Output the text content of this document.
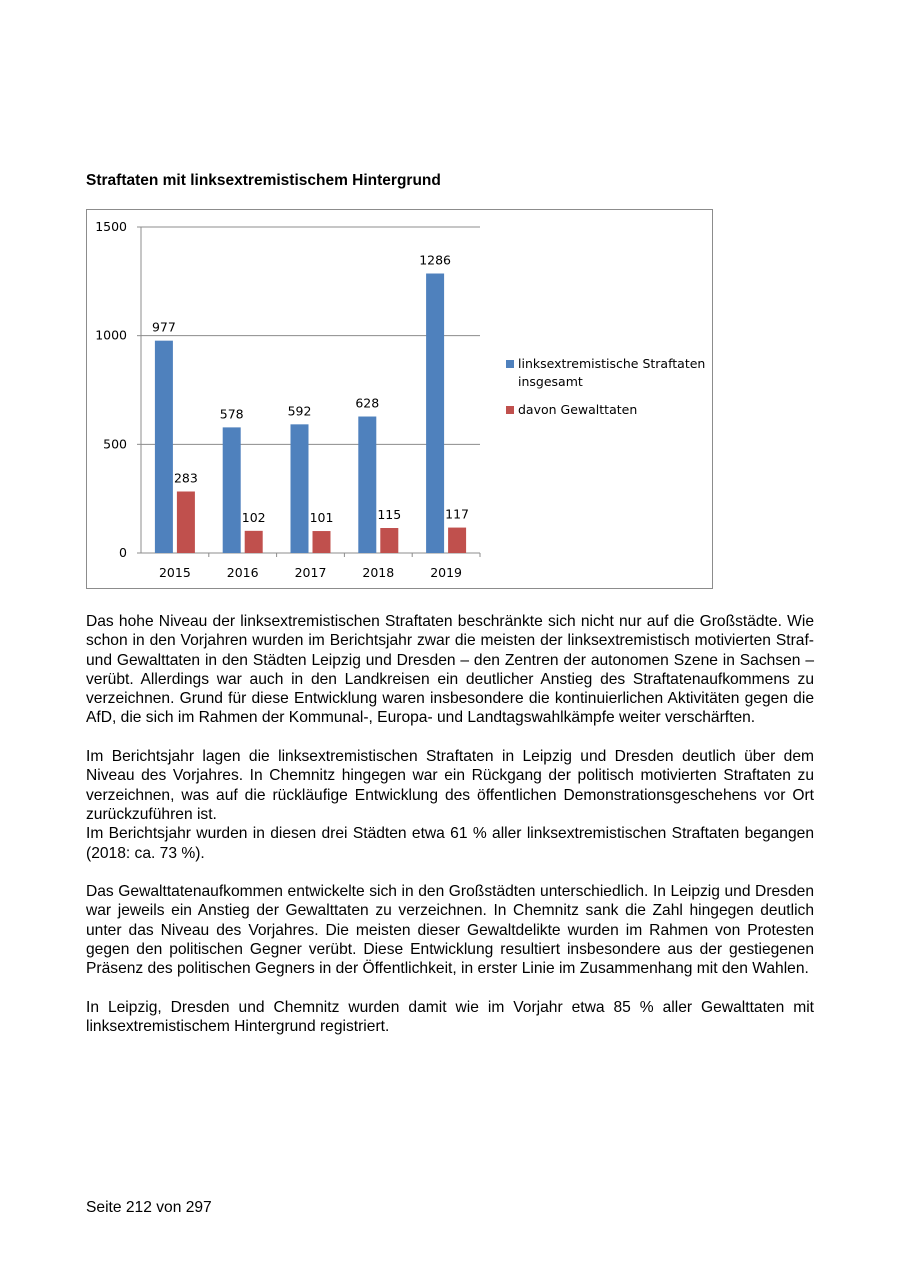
Straftaten mit linksextremistischem Hintergrund
0
500
1000
1500
977
283
2015
578
102
2016
592
101
2017
628
115
2018
1286
117
2019
linksextremistische Straftaten
insgesamt
davon Gewalttaten

Das hohe Niveau der linksextremistischen Straftaten beschränkte sich nicht nur auf die Großstädte. Wie schon in den Vorjahren wurden im Berichtsjahr zwar die meisten der linksextremistisch motivierten Straf- und Gewalttaten in den Städten Leipzig und Dresden – den Zentren der autonomen Szene in Sachsen – verübt. Allerdings war auch in den Landkreisen ein deutlicher Anstieg des Straftatenaufkommens zu verzeichnen. Grund für diese Entwicklung waren insbesondere die kontinuierlichen Aktivitäten gegen die AfD, die sich im Rahmen der Kommunal-, Europa- und Landtagswahlkämpfe weiter verschärften.

Im Berichtsjahr lagen die linksextremistischen Straftaten in Leipzig und Dresden deutlich über dem Niveau des Vorjahres. In Chemnitz hingegen war ein Rückgang der politisch motivierten Straftaten zu verzeichnen, was auf die rückläufige Entwicklung des öffentlichen Demonstrationsgeschehens vor Ort zurückzuführen ist.

Im Berichtsjahr wurden in diesen drei Städten etwa 61 % aller linksextremistischen Straftaten begangen (2018: ca. 73 %).

Das Gewalttatenaufkommen entwickelte sich in den Großstädten unterschiedlich. In Leipzig und Dresden war jeweils ein Anstieg der Gewalttaten zu verzeichnen. In Chemnitz sank die Zahl hingegen deutlich unter das Niveau des Vorjahres. Die meisten dieser Gewaltdelikte wurden im Rahmen von Protesten gegen den politischen Gegner verübt. Diese Entwicklung resultiert insbesondere aus der gestiegenen Präsenz des politischen Gegners in der Öffentlichkeit, in erster Linie im Zusammenhang mit den Wahlen.

In Leipzig, Dresden und Chemnitz wurden damit wie im Vorjahr etwa 85 % aller Gewalttaten mit linksextremistischem Hintergrund registriert.

Seite 212 von 297
